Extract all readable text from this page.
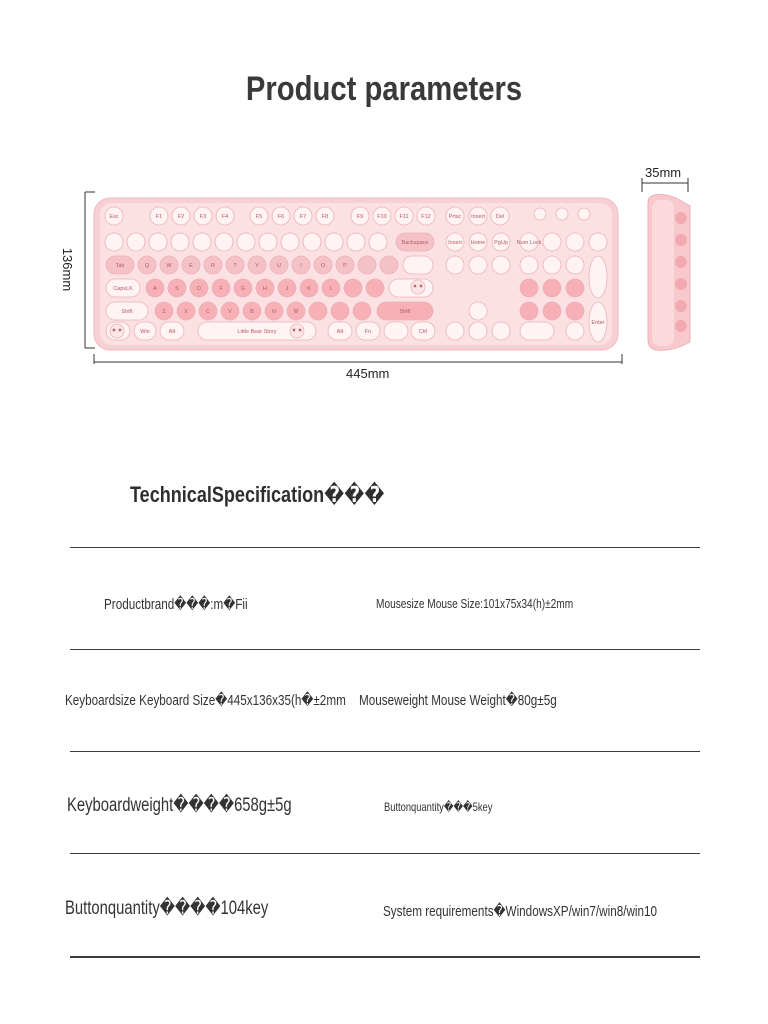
Product parameters
136mm
445mm
35mm
Esc	F1	F2	F3	F4	F5	F6	F7	F8	F9	F10 F11 F12	Prtsc Insert Del
Backspace	Insert Home PgUp Num Lock
Tab	Q	W	E	R	T	Y	U	I	O	P
CapsLK	A	S	D	F	G	H	J	K	L
Shift	Z	X	C	V	B	N	M	Shift
Win	Alt	Little Bear Story	Alt	Fn	Ctrl
Enter
TechnicalSpecification���
Productbrand���:m�Fii	Mousesize Mouse Size:101x75x34(h)±2mm
Keyboardsize Keyboard Size�445x136x35(h�±2mm Mouseweight Mouse Weight�80g±5g
Keyboardweight����658g±5g	Buttonquantity���5key
Buttonquantity����104key	System requirements�WindowsXP/win7/win8/win10
